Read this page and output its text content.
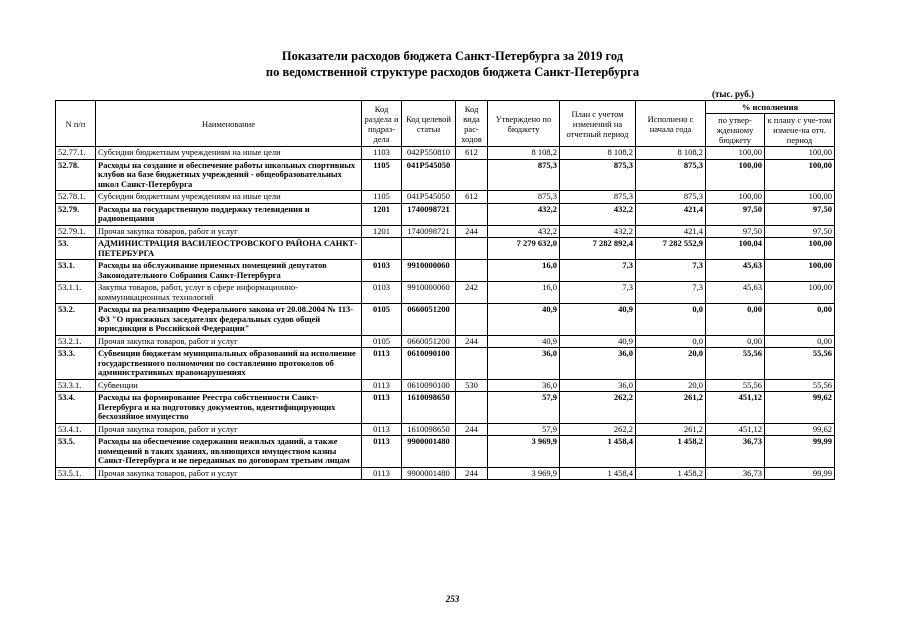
Показатели расходов бюджета Санкт-Петербурга за 2019 год
по ведомственной структуре расходов бюджета Санкт-Петербурга
(тыс. руб.)
N п/п	Наименование	Код раздела и подраз-дела	Код целевой статьи	Код вида рас-ходов	Утверждено по бюджету	План с учетом изменений на отчетный период	Исполнено с начала года	% исполнения	
								по утвер-жденному бюджету	к плану с уче-том измене-на отч. период
52.77.1.	Субсидии бюджетным учреждениям на иные цели	1103	042Р550810	612	8 108,2	8 108,2	8 108,2	100,00	100,00
52.78.	Расходы на создание и обеспечение работы школьных спортивных клубов на базе бюджетных учреждений - общеобразовательных школ Санкт-Петербурга	1105	041Р545050		875,3	875,3	875,3	100,00	100,00
52.78.1.	Субсидии бюджетным учреждениям на иные цели	1105	041Р545050	612	875,3	875,3	875,3	100,00	100,00
52.79.	Расходы на государственную поддержку телевидения и радиовещания	1201	1740098721		432,2	432,2	421,4	97,50	97,50
52.79.1.	Прочая закупка товаров, работ и услуг	1201	1740098721	244	432,2	432,2	421,4	97,50	97,50
53.	АДМИНИСТРАЦИЯ ВАСИЛЕОСТРОВСКОГО РАЙОНА САНКТ-ПЕТЕРБУРГА				7 279 632,0	7 282 892,4	7 282 552,9	100,04	100,00
53.1.	Расходы на обслуживание приемных помещений депутатов Законодательного Собрания Санкт-Петербурга	0103	9910000060		16,0	7,3	7,3	45,63	100,00
53.1.1.	Закупка товаров, работ, услуг в сфере информационно-коммуникационных технологий	0103	9910000060	242	16,0	7,3	7,3	45,63	100,00
53.2.	Расходы на реализацию Федерального закона от 20.08.2004 № 113-ФЗ "О присяжных заседателях федеральных судов общей юрисдикции в Российской Федерации"	0105	0660051200		40,9	40,9	0,0	0,00	0,00
53.2.1.	Прочая закупка товаров, работ и услуг	0105	0660051200	244	40,9	40,9	0,0	0,00	0,00
53.3.	Субвенции бюджетам муниципальных образований на исполнение государственного полномочия по составлению протоколов об административных правонарушениях	0113	0610090100		36,0	36,0	20,0	55,56	55,56
53.3.1.	Субвенции	0113	0610090100	530	36,0	36,0	20,0	55,56	55,56
53.4.	Расходы на формирование Реестра собственности Санкт-Петербурга и на подготовку документов, идентифицирующих бесхозяйное имущество	0113	1610098650		57,9	262,2	261,2	451,12	99,62
53.4.1.	Прочая закупка товаров, работ и услуг	0113	1610098650	244	57,9	262,2	261,2	451,12	99,62
53.5.	Расходы на обеспечение содержания нежилых зданий, а также помещений в таких зданиях, являющихся имуществом казны Санкт-Петербурга и не переданных по договорам третьим лицам	0113	9900001480		3 969,9	1 458,4	1 458,2	36,73	99,99
53.5.1.	Прочая закупка товаров, работ и услуг	0113	9900001480	244	3 969,9	1 458,4	1 458,2	36,73	99,99
253
